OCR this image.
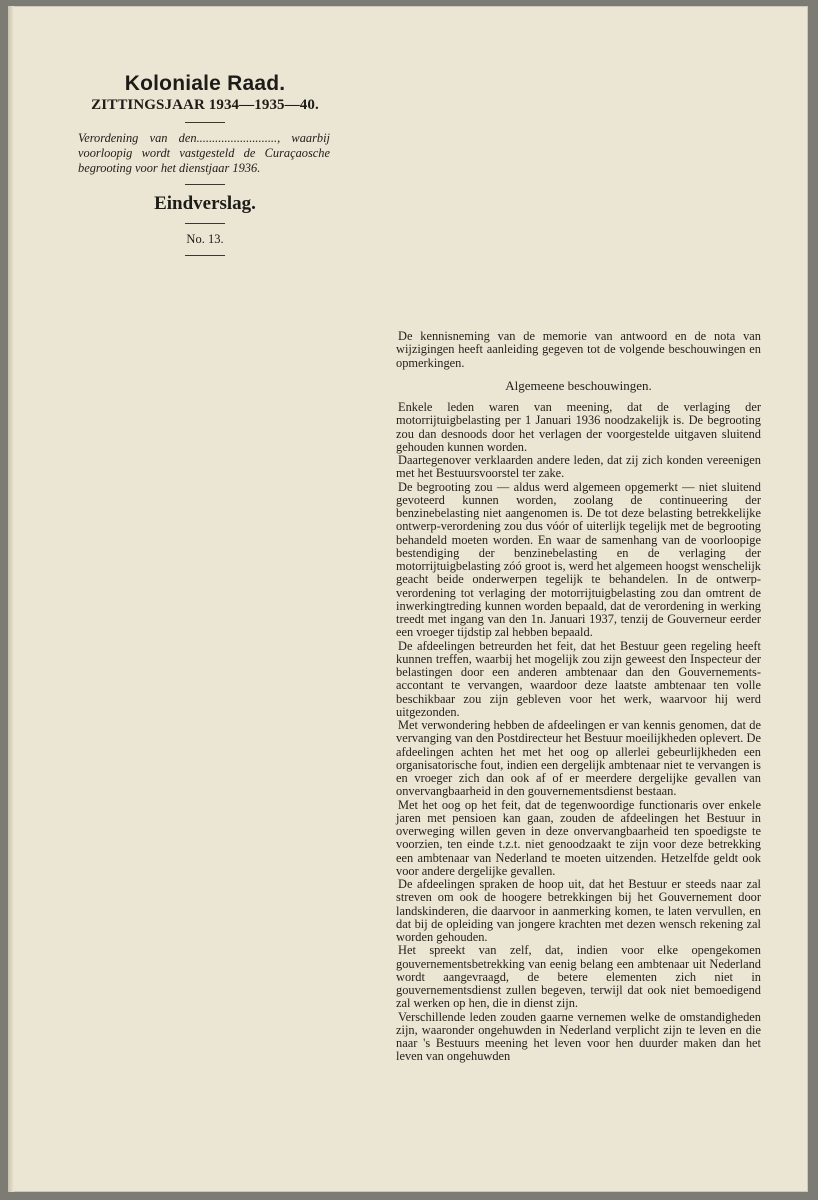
Koloniale Raad.

ZITTINGSJAAR 1934—1935—40.

Verordening van den.........................., waarbij voorloopig wordt vastgesteld de Curaçaosche begrooting voor het dienstjaar 1936.

Eindverslag.

No. 13.

De kennisneming van de memorie van antwoord en de nota van wijzigingen heeft aanleiding gegeven tot de volgende beschouwingen en opmerkingen.

Algemeene beschouwingen.

Enkele leden waren van meening, dat de verlaging der motorrijtuigbelasting per 1 Januari 1936 noodzakelijk is. De begrooting zou dan desnoods door het verlagen der voorgestelde uitgaven sluitend gehouden kunnen worden.

Daartegenover verklaarden andere leden, dat zij zich konden vereenigen met het Bestuursvoorstel ter zake.

De begrooting zou — aldus werd algemeen opgemerkt — niet sluitend gevoteerd kunnen worden, zoolang de continueering der benzinebelasting niet aangenomen is. De tot deze belasting betrekkelijke ontwerp-verordening zou dus vóór of uiterlijk tegelijk met de begrooting behandeld moeten worden. En waar de samenhang van de voorloopige bestendiging der benzinebelasting en de verlaging der motorrijtuigbelasting zóó groot is, werd het algemeen hoogst wenschelijk geacht beide onderwerpen tegelijk te behandelen. In de ontwerp-verordening tot verlaging der motorrijtuigbelasting zou dan omtrent de inwerkingtreding kunnen worden bepaald, dat de verordening in werking treedt met ingang van den 1n. Januari 1937, tenzij de Gouverneur eerder een vroeger tijdstip zal hebben bepaald.

De afdeelingen betreurden het feit, dat het Bestuur geen regeling heeft kunnen treffen, waarbij het mogelijk zou zijn geweest den Inspecteur der belastingen door een anderen ambtenaar dan den Gouvernements-accontant te vervangen, waardoor deze laatste ambtenaar ten volle beschikbaar zou zijn gebleven voor het werk, waarvoor hij werd uitgezonden.

Met verwondering hebben de afdeelingen er van kennis genomen, dat de vervanging van den Postdirecteur het Bestuur moeilijkheden oplevert. De afdeelingen achten het met het oog op allerlei gebeurlijkheden een organisatorische fout, indien een dergelijk ambtenaar niet te vervangen is en vroeger zich dan ook af of er meerdere dergelijke gevallen van onvervangbaarheid in den gouvernementsdienst bestaan.

Met het oog op het feit, dat de tegenwoordige functionaris over enkele jaren met pensioen kan gaan, zouden de afdeelingen het Bestuur in overweging willen geven in deze onvervangbaarheid ten spoedigste te voorzien, ten einde t.z.t. niet genoodzaakt te zijn voor deze betrekking een ambtenaar van Nederland te moeten uitzenden. Hetzelfde geldt ook voor andere dergelijke gevallen.

De afdeelingen spraken de hoop uit, dat het Bestuur er steeds naar zal streven om ook de hoogere betrekkingen bij het Gouvernement door landskinderen, die daarvoor in aanmerking komen, te laten vervullen, en dat bij de opleiding van jongere krachten met dezen wensch rekening zal worden gehouden.

Het spreekt van zelf, dat, indien voor elke opengekomen gouvernementsbetrekking van eenig belang een ambtenaar uit Nederland wordt aangevraagd, de betere elementen zich niet in gouvernementsdienst zullen begeven, terwijl dat ook niet bemoedigend zal werken op hen, die in dienst zijn.

Verschillende leden zouden gaarne vernemen welke de omstandigheden zijn, waaronder ongehuwden in Nederland verplicht zijn te leven en die naar 's Bestuurs meening het leven voor hen duurder maken dan het leven van ongehuwden
